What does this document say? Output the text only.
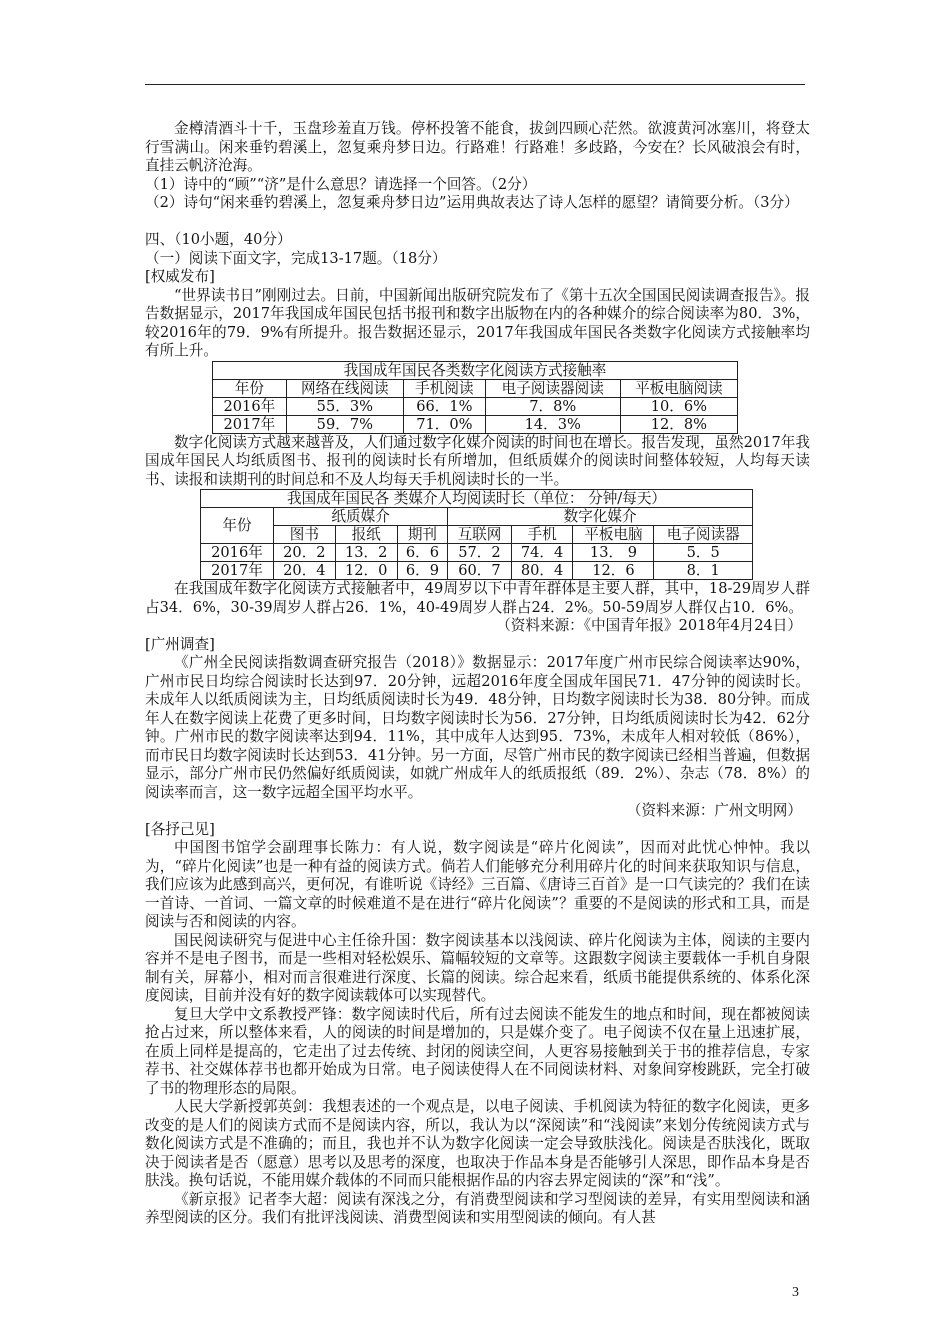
金樽清酒斗十千，玉盘珍羞直万钱。停杯投箸不能食，拔剑四顾心茫然。欲渡黄河冰塞川，将登太行雪满山。闲来垂钓碧溪上，忽复乘舟梦日边。行路难！行路难！多歧路，今安在？长风破浪会有时，直挂云帆济沧海。

（1）诗中的“顾”“济”是什么意思？请选择一个回答。（2分）

（2）诗句“闲来垂钓碧溪上，忽复乘舟梦日边”运用典故表达了诗人怎样的愿望？请简要分析。（3分）

四、（10小题，40分）

（一）阅读下面文字，完成13-17题。（18分）

[权威发布]

“世界读书日”刚刚过去。日前，中国新闻出版研究院发布了《第十五次全国国民阅读调查报告》。报告数据显示，2017年我国成年国民包括书报刊和数字出版物在内的各种媒介的综合阅读率为80．3%，较2016年的79．9%有所提升。报告数据还显示，2017年我国成年国民各类数字化阅读方式接触率均有所上升。

我国成年国民各类数字化阅读方式接触率				
年份	网络在线阅读	手机阅读	电子阅读器阅读	平板电脑阅读
2016年	55．3%	66．1%	7．8%	10．6%
2017年	59．7%	71．0%	14．3%	12．8%

数字化阅读方式越来越普及，人们通过数字化媒介阅读的时间也在增长。报告发现，虽然2017年我国成年国民人均纸质图书、报刊的阅读时长有所增加，但纸质媒介的阅读时间整体较短，人均每天读书、读报和读期刊的时间总和不及人均每天手机阅读时长的一半。

我国成年国民各 类媒介人均阅读时长（单位： 分钟/每天）							
年份	纸质媒介			数字化媒介			
	图书	报纸	期刊	互联网	手机	平板电脑	电子阅读器
2016年	20．2	13．2	6．6	57．2	74．4	13． 9	5．5
2017年	20．4	12．0	6．9	60．7	80．4	12．6	8．1

在我国成年数字化阅读方式接触者中，49周岁以下中青年群体是主要人群，其中，18-29周岁人群占34．6%，30-39周岁人群占26．1%，40-49周岁人群占24．2%。50-59周岁人群仅占10．6%。

（资料来源：《中国青年报》2018年4月24日）

[广州调查]

《广州全民阅读指数调查研究报告（2018）》数据显示：2017年度广州市民综合阅读率达90%，广州市民日均综合阅读时长达到97．20分钟，远超2016年度全国成年国民71．47分钟的阅读时长。未成年人以纸质阅读为主，日均纸质阅读时长为49．48分钟，日均数字阅读时长为38．80分钟。而成年人在数字阅读上花费了更多时间，日均数字阅读时长为56．27分钟，日均纸质阅读时长为42．62分钟。广州市民的数字阅读率达到94．11%，其中成年人达到95．73%，未成年人相对较低（86%），而市民日均数字阅读时长达到53．41分钟。另一方面，尽管广州市民的数字阅读已经相当普遍，但数据显示，部分广州市民仍然偏好纸质阅读，如就广州成年人的纸质报纸（89．2%）、杂志（78．8%）的阅读率而言，这一数字远超全国平均水平。

（资料来源：广州文明网）

[各抒己见]

中国图书馆学会副理事长陈力：有人说，数字阅读是“碎片化阅读”，因而对此忧心忡忡。我以为，“碎片化阅读”也是一种有益的阅读方式。倘若人们能够充分利用碎片化的时间来获取知识与信息，我们应该为此感到高兴，更何况，有谁听说《诗经》三百篇、《唐诗三百首》是一口气读完的？我们在读一首诗、一首词、一篇文章的时候难道不是在进行“碎片化阅读”？重要的不是阅读的形式和工具，而是阅读与否和阅读的内容。

国民阅读研究与促进中心主任徐升国：数字阅读基本以浅阅读、碎片化阅读为主体，阅读的主要内容并不是电子图书，而是一些相对轻松娱乐、篇幅较短的文章等。这跟数字阅读主要载体一手机自身限制有关，屏幕小，相对而言很难进行深度、长篇的阅读。综合起来看，纸质书能提供系统的、体系化深度阅读，目前并没有好的数字阅读载体可以实现替代。

复旦大学中文系教授严锋：数字阅读时代后，所有过去阅读不能发生的地点和时间，现在都被阅读抢占过来，所以整体来看，人的阅读的时间是增加的，只是媒介变了。电子阅读不仅在量上迅速扩展，在质上同样是提高的，它走出了过去传统、封闭的阅读空间，人更容易接触到关于书的推荐信息，专家荐书、社交媒体荐书也都开始成为日常。电子阅读使得人在不同阅读材料、对象间穿梭跳跃，完全打破了书的物理形态的局限。

人民大学新授郭英剑：我想表述的一个观点是，以电子阅读、手机阅读为特征的数字化阅读，更多改变的是人们的阅读方式而不是阅读内容，所以，我认为以“深阅读”和“浅阅读”来划分传统阅读方式与数化阅读方式是不准确的；而且，我也并不认为数字化阅读一定会导致肤浅化。阅读是否肤浅化，既取决于阅读者是否（愿意）思考以及思考的深度，也取决于作品本身是否能够引人深思，即作品本身是否肤浅。换句话说，不能用媒介载体的不同而只能根据作品的内容去界定阅读的“深”和“浅”。

《新京报》记者李大超：阅读有深浅之分，有消费型阅读和学习型阅读的差异，有实用型阅读和涵养型阅读的区分。我们有批评浅阅读、消费型阅读和实用型阅读的倾向。有人甚

3
